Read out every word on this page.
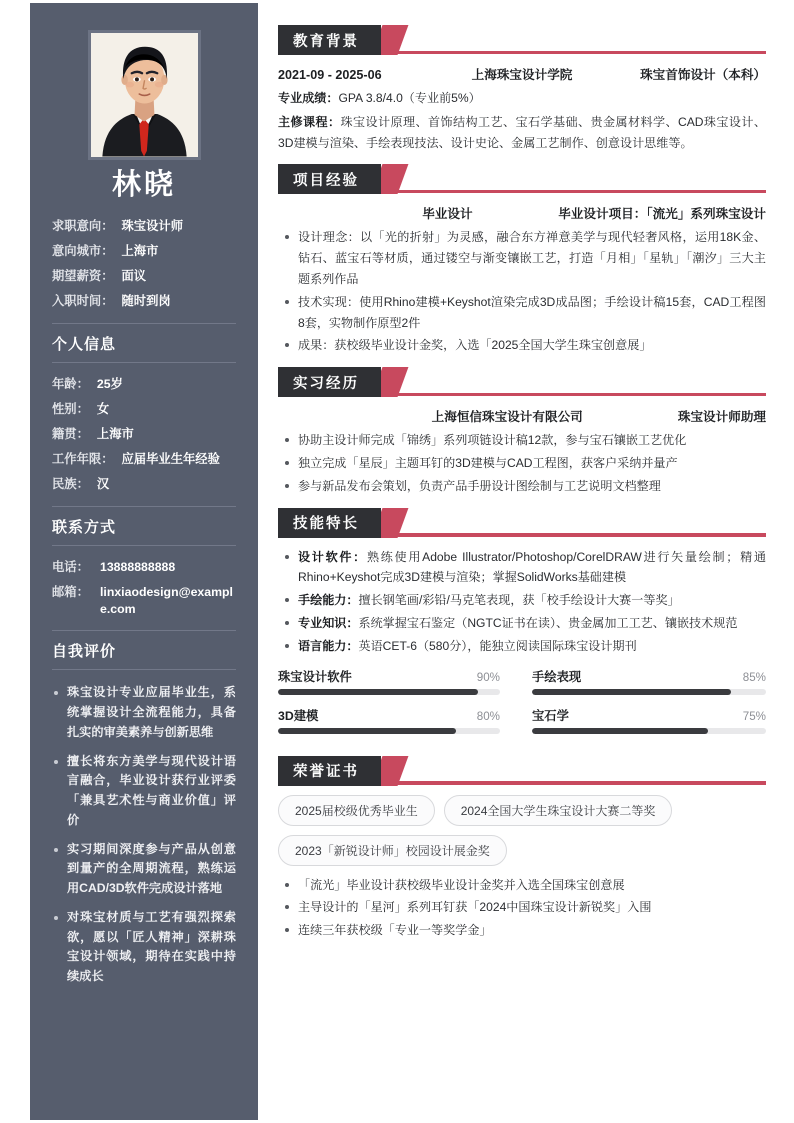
林晓
求职意向： 珠宝设计师
意向城市： 上海市
期望薪资： 面议
入职时间： 随时到岗
个人信息
年龄： 25岁
性别： 女
籍贯： 上海市
工作年限： 应届毕业生年经验
民族： 汉
联系方式
电话： 13888888888
邮箱： linxiaodesign@example.com
自我评价
珠宝设计专业应届毕业生，系统掌握设计全流程能力，具备扎实的审美素养与创新思维
擅长将东方美学与现代设计语言融合，毕业设计获行业评委「兼具艺术性与商业价值」评价
实习期间深度参与产品从创意到量产的全周期流程，熟练运用CAD/3D软件完成设计落地
对珠宝材质与工艺有强烈探索欲，愿以「匠人精神」深耕珠宝设计领域，期待在实践中持续成长
教育背景
2021-09 - 2025-06	上海珠宝设计学院	珠宝首饰设计（本科）

专业成绩：GPA 3.8/4.0（专业前5%）

主修课程：珠宝设计原理、首饰结构工艺、宝石学基础、贵金属材料学、CAD珠宝设计、3D建模与渲染、手绘表现技法、设计史论、金属工艺制作、创意设计思维等。

项目经验
毕业设计	毕业设计项目：「流光」系列珠宝设计
设计理念：以「光的折射」为灵感，融合东方禅意美学与现代轻奢风格，运用18K金、钻石、蓝宝石等材质，通过镂空与渐变镶嵌工艺，打造「月相」「星轨」「潮汐」三大主题系列作品
技术实现：使用Rhino建模+Keyshot渲染完成3D成品图；手绘设计稿15套，CAD工程图8套，实物制作原型2件
成果：获校级毕业设计金奖，入选「2025全国大学生珠宝创意展」
实习经历
上海恒信珠宝设计有限公司	珠宝设计师助理
协助主设计师完成「锦绣」系列项链设计稿12款，参与宝石镶嵌工艺优化
独立完成「星辰」主题耳钉的3D建模与CAD工程图，获客户采纳并量产
参与新品发布会策划，负责产品手册设计图绘制与工艺说明文档整理
技能特长
设计软件：熟练使用Adobe Illustrator/Photoshop/CorelDRAW进行矢量绘制；精通Rhino+Keyshot完成3D建模与渲染；掌握SolidWorks基础建模
手绘能力：擅长钢笔画/彩铅/马克笔表现，获「校手绘设计大赛一等奖」
专业知识：系统掌握宝石鉴定（NGTC证书在读）、贵金属加工工艺、镶嵌技术规范
语言能力：英语CET-6（580分），能独立阅读国际珠宝设计期刊
珠宝设计软件	90%	手绘表现	85%
3D建模	80%	宝石学	75%
荣誉证书
2025届校级优秀毕业生	2024全国大学生珠宝设计大赛二等奖
2023「新锐设计师」校园设计展金奖
「流光」毕业设计获校级毕业设计金奖并入选全国珠宝创意展
主导设计的「星河」系列耳钉获「2024中国珠宝设计新锐奖」入围
连续三年获校级「专业一等奖学金」
